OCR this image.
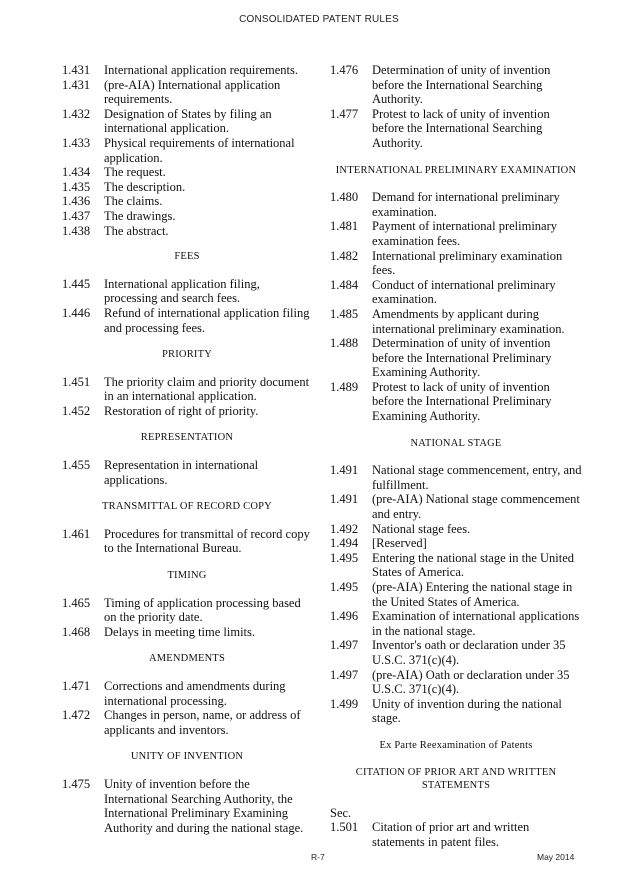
CONSOLIDATED PATENT RULES
1.431	International application requirements.
1.431	(pre-AIA) International application requirements.
1.432	Designation of States by filing an international application.
1.433	Physical requirements of international application.
1.434	The request.
1.435	The description.
1.436	The claims.
1.437	The drawings.
1.438	The abstract.
FEES
1.445	International application filing, processing and search fees.
1.446	Refund of international application filing and processing fees.
PRIORITY
1.451	The priority claim and priority document in an international application.
1.452	Restoration of right of priority.
REPRESENTATION
1.455	Representation in international applications.
TRANSMITTAL OF RECORD COPY
1.461	Procedures for transmittal of record copy to the International Bureau.
TIMING
1.465	Timing of application processing based on the priority date.
1.468	Delays in meeting time limits.
AMENDMENTS
1.471	Corrections and amendments during international processing.
1.472	Changes in person, name, or address of applicants and inventors.
UNITY OF INVENTION
1.475	Unity of invention before the International Searching Authority, the International Preliminary Examining Authority and during the national stage.
1.476	Determination of unity of invention before the International Searching Authority.
1.477	Protest to lack of unity of invention before the International Searching Authority.
INTERNATIONAL PRELIMINARY EXAMINATION
1.480	Demand for international preliminary examination.
1.481	Payment of international preliminary examination fees.
1.482	International preliminary examination fees.
1.484	Conduct of international preliminary examination.
1.485	Amendments by applicant during international preliminary examination.
1.488	Determination of unity of invention before the International Preliminary Examining Authority.
1.489	Protest to lack of unity of invention before the International Preliminary Examining Authority.
NATIONAL STAGE
1.491	National stage commencement, entry, and fulfillment.
1.491	(pre-AIA) National stage commencement and entry.
1.492	National stage fees.
1.494	[Reserved]
1.495	Entering the national stage in the United States of America.
1.495	(pre-AIA) Entering the national stage in the United States of America.
1.496	Examination of international applications in the national stage.
1.497	Inventor's oath or declaration under 35 U.S.C. 371(c)(4).
1.497	(pre-AIA) Oath or declaration under 35 U.S.C. 371(c)(4).
1.499	Unity of invention during the national stage.
Ex Parte Reexamination of Patents
CITATION OF PRIOR ART AND WRITTEN STATEMENTS
Sec.
1.501	Citation of prior art and written statements in patent files.
R-7	May 2014
